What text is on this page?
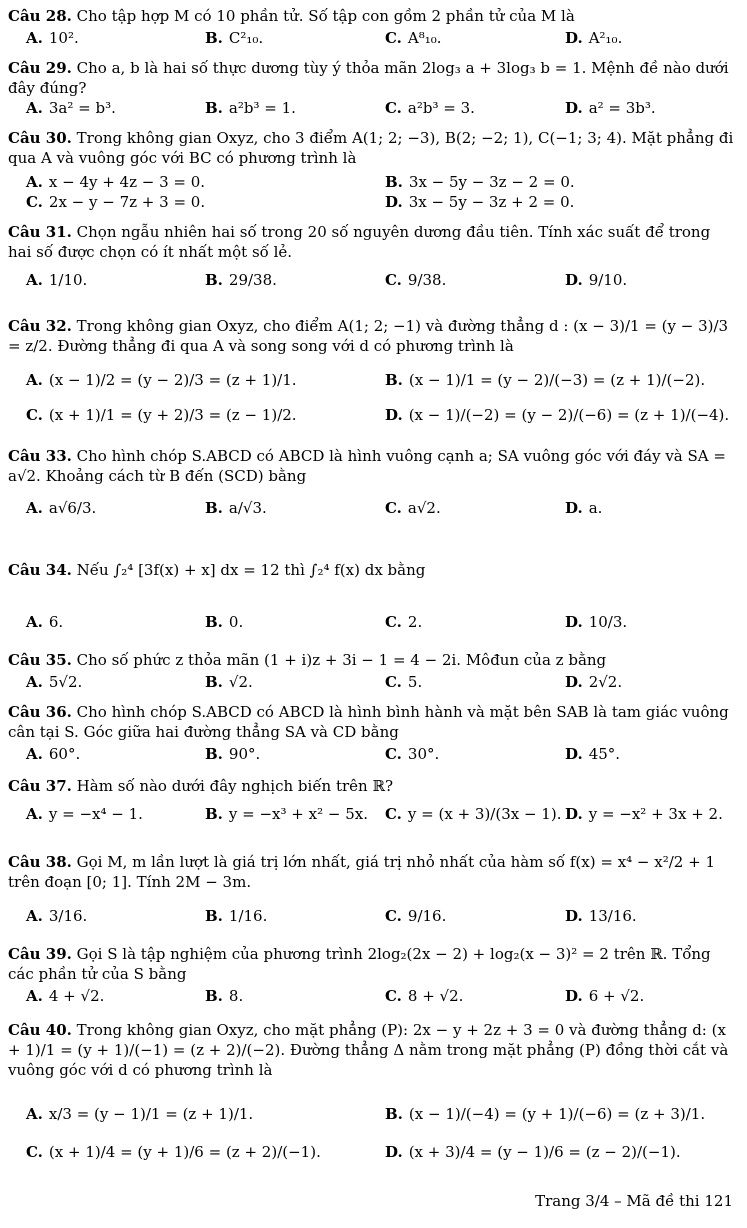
Câu 28. Cho tập hợp M có 10 phần tử. Số tập con gồm 2 phần tử của M là
A. 10².	B. C²₁₀.	C. A⁸₁₀.	D. A²₁₀.
Câu 29. Cho a, b là hai số thực dương tùy ý thỏa mãn 2log₃ a + 3log₃ b = 1. Mệnh đề nào dưới đây đúng?
A. 3a² = b³.	B. a²b³ = 1.	C. a²b³ = 3.	D. a² = 3b³.
Câu 30. Trong không gian Oxyz, cho 3 điểm A(1; 2; −3), B(2; −2; 1), C(−1; 3; 4). Mặt phẳng đi qua A và vuông góc với BC có phương trình là
A. x − 4y + 4z − 3 = 0.	B. 3x − 5y − 3z − 2 = 0.
C. 2x − y − 7z + 3 = 0.	D. 3x − 5y − 3z + 2 = 0.
Câu 31. Chọn ngẫu nhiên hai số trong 20 số nguyên dương đầu tiên. Tính xác suất để trong hai số được chọn có ít nhất một số lẻ.
A. 1/10.	B. 29/38.	C. 9/38.	D. 9/10.
Câu 32. Trong không gian Oxyz, cho điểm A(1; 2; −1) và đường thẳng d : (x − 3)/1 = (y − 3)/3 = z/2. Đường thẳng đi qua A và song song với d có phương trình là
A. (x − 1)/2 = (y − 2)/3 = (z + 1)/1.	B. (x − 1)/1 = (y − 2)/(−3) = (z + 1)/(−2).
C. (x + 1)/1 = (y + 2)/3 = (z − 1)/2.	D. (x − 1)/(−2) = (y − 2)/(−6) = (z + 1)/(−4).
Câu 33. Cho hình chóp S.ABCD có ABCD là hình vuông cạnh a; SA vuông góc với đáy và SA = a√2. Khoảng cách từ B đến (SCD) bằng
A. a√6/3.	B. a/√3.	C. a√2.	D. a.
Câu 34. Nếu ∫₂⁴ [3f(x) + x] dx = 12 thì ∫₂⁴ f(x) dx bằng
A. 6.	B. 0.	C. 2.	D. 10/3.
Câu 35. Cho số phức z thỏa mãn (1 + i)z + 3i − 1 = 4 − 2i. Môđun của z bằng
A. 5√2.	B. √2.	C. 5.	D. 2√2.
Câu 36. Cho hình chóp S.ABCD có ABCD là hình bình hành và mặt bên SAB là tam giác vuông cân tại S. Góc giữa hai đường thẳng SA và CD bằng
A. 60°.	B. 90°.	C. 30°.	D. 45°.
Câu 37. Hàm số nào dưới đây nghịch biến trên ℝ?
A. y = −x⁴ − 1.	B. y = −x³ + x² − 5x. C. y = (x + 3)/(3x − 1). D. y = −x² + 3x + 2.
Câu 38. Gọi M, m lần lượt là giá trị lớn nhất, giá trị nhỏ nhất của hàm số f(x) = x⁴ − x²/2 + 1 trên đoạn [0; 1]. Tính 2M − 3m.
A. 3/16.	B. 1/16.	C. 9/16.	D. 13/16.
Câu 39. Gọi S là tập nghiệm của phương trình 2log₂(2x − 2) + log₂(x − 3)² = 2 trên ℝ. Tổng các phần tử của S bằng
A. 4 + √2.	B. 8.	C. 8 + √2.	D. 6 + √2.
Câu 40. Trong không gian Oxyz, cho mặt phẳng (P): 2x − y + 2z + 3 = 0 và đường thẳng d: (x + 1)/1 = (y + 1)/(−1) = (z + 2)/(−2). Đường thẳng Δ nằm trong mặt phẳng (P) đồng thời cắt và vuông góc với d có phương trình là
A. x/3 = (y − 1)/1 = (z + 1)/1.	B. (x − 1)/(−4) = (y + 1)/(−6) = (z + 3)/1.
C. (x + 1)/4 = (y + 1)/6 = (z + 2)/(−1).	D. (x + 3)/4 = (y − 1)/6 = (z − 2)/(−1).
Trang 3/4 – Mã đề thi 121
